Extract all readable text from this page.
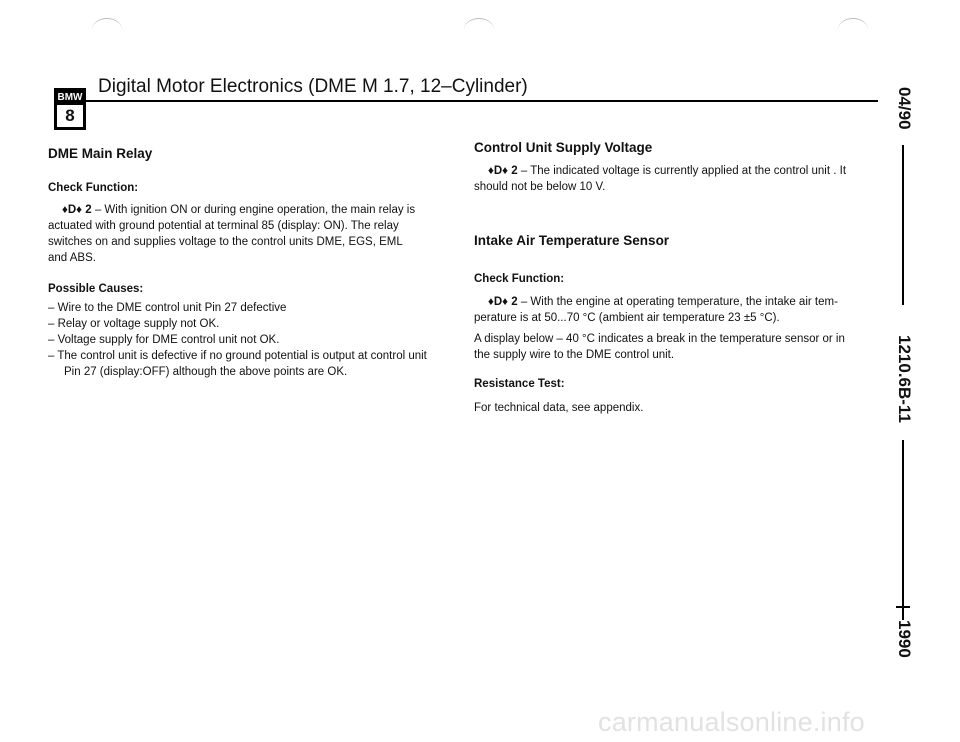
BMW
8
Digital Motor Electronics (DME M 1.7, 12–Cylinder)
DME Main Relay
Check Function:
♦D♦ 2 – With ignition ON or during engine operation, the main relay is actuated with ground potential at terminal 85 (display: ON). The relay switches on and supplies voltage to the control units DME, EGS, EML and ABS.
Possible Causes:
– Wire to the DME control unit Pin 27 defective
– Relay or voltage supply not OK.
– Voltage supply for DME control unit not OK.
– The control unit is defective if no ground potential is output at control unit
Pin 27 (display:OFF) although the above points are OK.
Control Unit Supply Voltage
♦D♦ 2 – The indicated voltage is currently applied at the control unit . It should not be below 10 V.
Intake Air Temperature Sensor
Check Function:
♦D♦ 2 – With the engine at operating temperature, the intake air tem-perature is at 50...70 °C (ambient air temperature 23 ±5 °C).
A display below – 40 °C indicates a break in the temperature sensor or in the supply wire to the DME control unit.
Resistance Test:
For technical data, see appendix.
04/90
1210.6B-11
1990
carmanualsonline.info
